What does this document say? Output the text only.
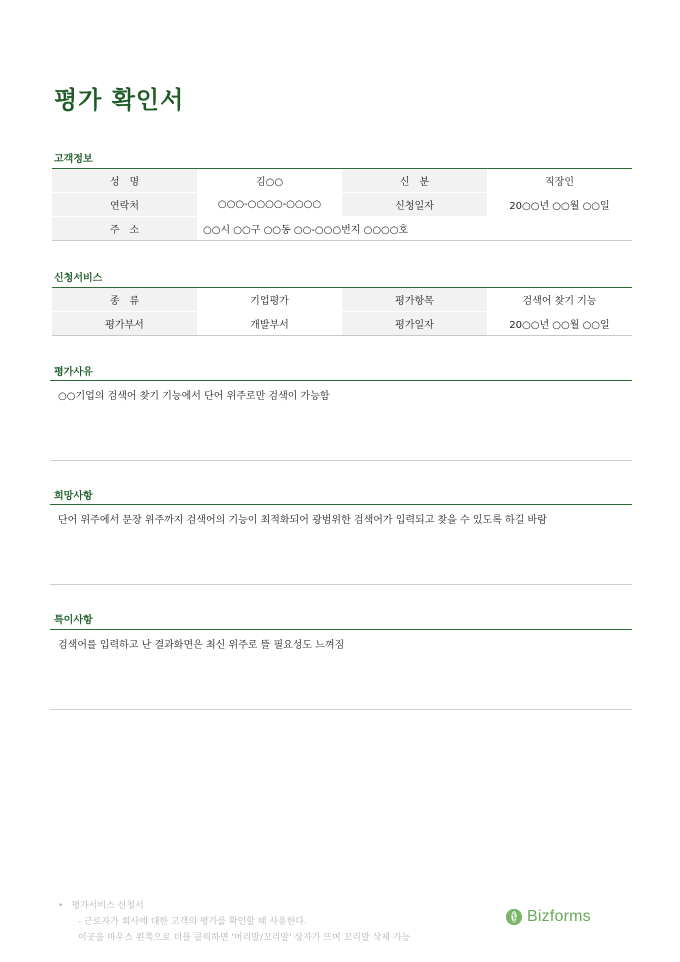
평가 확인서
고객정보
성　명	김○○	신　분	직장인
연락처	○○○-○○○○-○○○○	신청일자	20○○년 ○○월 ○○일
주　소	○○시 ○○구 ○○동 ○○-○○○번지 ○○○○호		
신청서비스
종　류	기업평가	평가항목	검색어 찾기 기능
평가부서	개발부서	평가일자	20○○년 ○○월 ○○일
평가사유

○○기업의 검색어 찾기 기능에서 단어 위주로만 검색이 가능함

희망사항

단어 위주에서 문장 위주까지 검색어의 기능이 최적화되어 광범위한 검색어가 입력되고 찾을 수 있도록 하길 바람

특이사항

검색어를 입력하고 난 결과화면은 최신 위주로 뜰 필요성도 느껴짐

• 평가서비스 신청서
- 근로자가 회사에 대한 고객의 평가를 확인할 때 사용한다.
이곳을 마우스 왼쪽으로 더블 클릭하면 '머리말/꼬리말' 상자가 뜨며 꼬리말 삭제 가능
Bizforms
